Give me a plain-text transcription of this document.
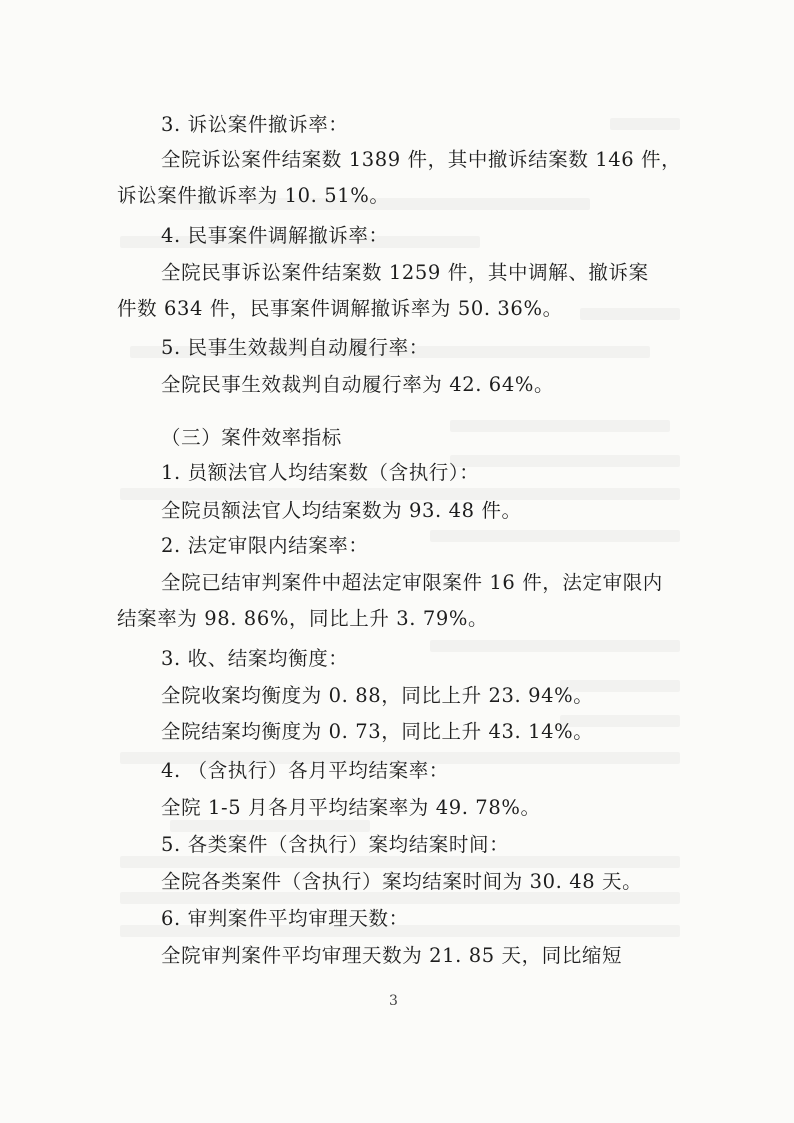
3. 诉讼案件撤诉率：
全院诉讼案件结案数 1389 件，其中撤诉结案数 146 件，
诉讼案件撤诉率为 10. 51%。
4. 民事案件调解撤诉率：
全院民事诉讼案件结案数 1259 件，其中调解、撤诉案
件数 634 件，民事案件调解撤诉率为 50. 36%。
5. 民事生效裁判自动履行率：
全院民事生效裁判自动履行率为 42. 64%。
（三）案件效率指标
1. 员额法官人均结案数（含执行）：
全院员额法官人均结案数为 93. 48 件。
2. 法定审限内结案率：
全院已结审判案件中超法定审限案件 16 件，法定审限内
结案率为 98. 86%，同比上升 3. 79%。
3. 收、结案均衡度：
全院收案均衡度为 0. 88，同比上升 23. 94%。
全院结案均衡度为 0. 73，同比上升 43. 14%。
4. （含执行）各月平均结案率：
全院 1-5 月各月平均结案率为 49. 78%。
5. 各类案件（含执行）案均结案时间：
全院各类案件（含执行）案均结案时间为 30. 48 天。
6. 审判案件平均审理天数：
全院审判案件平均审理天数为 21. 85 天，同比缩短
3
